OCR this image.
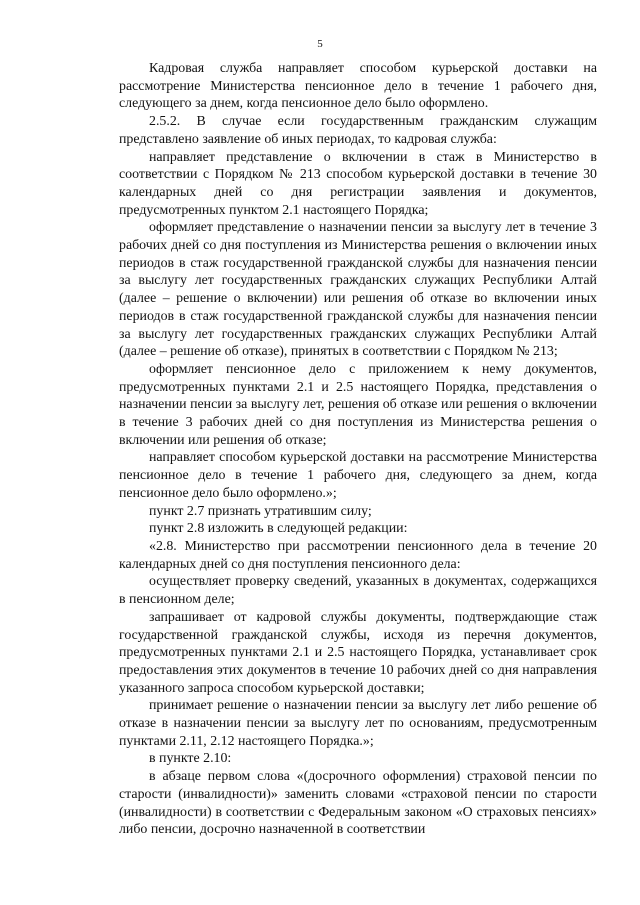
5

Кадровая служба направляет способом курьерской доставки на рассмотрение Министерства пенсионное дело в течение 1 рабочего дня, следующего за днем, когда пенсионное дело было оформлено.

2.5.2. В случае если государственным гражданским служащим представлено заявление об иных периодах, то кадровая служба:

направляет представление о включении в стаж в Министерство в соответствии с Порядком № 213 способом курьерской доставки в течение 30 календарных дней со дня регистрации заявления и документов, предусмотренных пунктом 2.1 настоящего Порядка;

оформляет представление о назначении пенсии за выслугу лет в течение 3 рабочих дней со дня поступления из Министерства решения о включении иных периодов в стаж государственной гражданской службы для назначения пенсии за выслугу лет государственных гражданских служащих Республики Алтай (далее – решение о включении) или решения об отказе во включении иных периодов в стаж государственной гражданской службы для назначения пенсии за выслугу лет государственных гражданских служащих Республики Алтай (далее – решение об отказе), принятых в соответствии с Порядком № 213;

оформляет пенсионное дело с приложением к нему документов, предусмотренных пунктами 2.1 и 2.5 настоящего Порядка, представления о назначении пенсии за выслугу лет, решения об отказе или решения о включении в течение 3 рабочих дней со дня поступления из Министерства решения о включении или решения об отказе;

направляет способом курьерской доставки на рассмотрение Министерства пенсионное дело в течение 1 рабочего дня, следующего за днем, когда пенсионное дело было оформлено.»;

пункт 2.7 признать утратившим силу;

пункт 2.8 изложить в следующей редакции:

«2.8. Министерство при рассмотрении пенсионного дела в течение 20 календарных дней со дня поступления пенсионного дела:

осуществляет проверку сведений, указанных в документах, содержащихся в пенсионном деле;

запрашивает от кадровой службы документы, подтверждающие стаж государственной гражданской службы, исходя из перечня документов, предусмотренных пунктами 2.1 и 2.5 настоящего Порядка, устанавливает срок предоставления этих документов в течение 10 рабочих дней со дня направления указанного запроса способом курьерской доставки;

принимает решение о назначении пенсии за выслугу лет либо решение об отказе в назначении пенсии за выслугу лет по основаниям, предусмотренным пунктами 2.11, 2.12 настоящего Порядка.»;

в пункте 2.10:

в абзаце первом слова «(досрочного оформления) страховой пенсии по старости (инвалидности)» заменить словами «страховой пенсии по старости (инвалидности) в соответствии с Федеральным законом «О страховых пенсиях» либо пенсии, досрочно назначенной в соответствии
